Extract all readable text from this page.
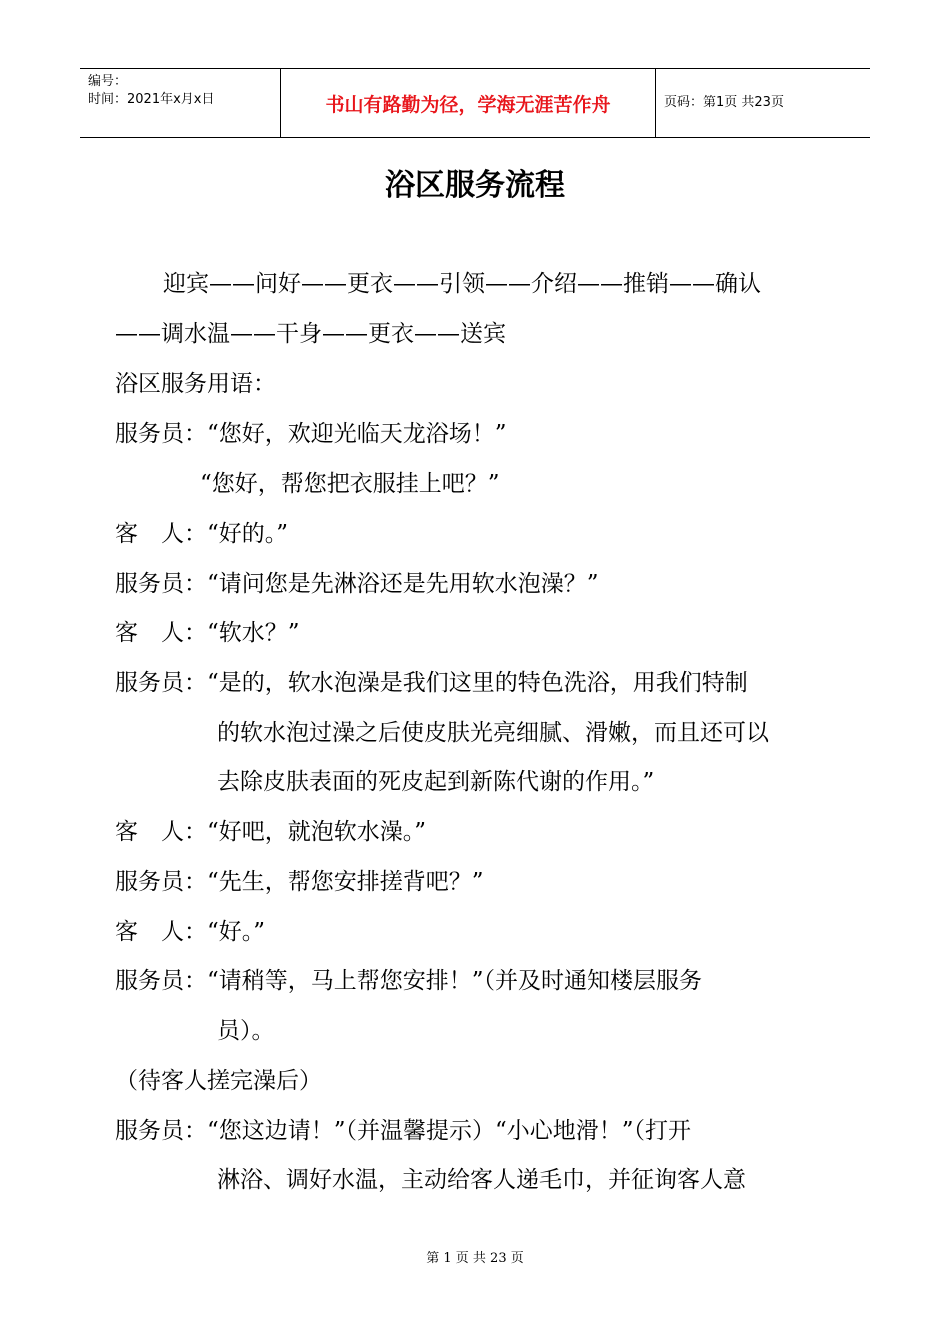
编号：
时间：2021年x月x日	书山有路勤为径，学海无涯苦作舟	页码：第1页 共23页
浴区服务流程
迎宾——问好——更衣——引领——介绍——推销——确认
——调水温——干身——更衣——送宾
浴区服务用语：
服务员：“您好，欢迎光临天龙浴场！”
“您好，帮您把衣服挂上吧？”
客　人：“好的。”
服务员：“请问您是先淋浴还是先用软水泡澡？”
客　人：“软水？”
服务员：“是的，软水泡澡是我们这里的特色洗浴，用我们特制
的软水泡过澡之后使皮肤光亮细腻、滑嫩，而且还可以
去除皮肤表面的死皮起到新陈代谢的作用。”
客　人：“好吧，就泡软水澡。”
服务员：“先生，帮您安排搓背吧？”
客　人：“好。”
服务员：“请稍等，马上帮您安排！”（并及时通知楼层服务
员）。
（待客人搓完澡后）
服务员：“您这边请！”（并温馨提示）“小心地滑！”（打开
淋浴、调好水温，主动给客人递毛巾，并征询客人意
第 1 页 共 23 页
